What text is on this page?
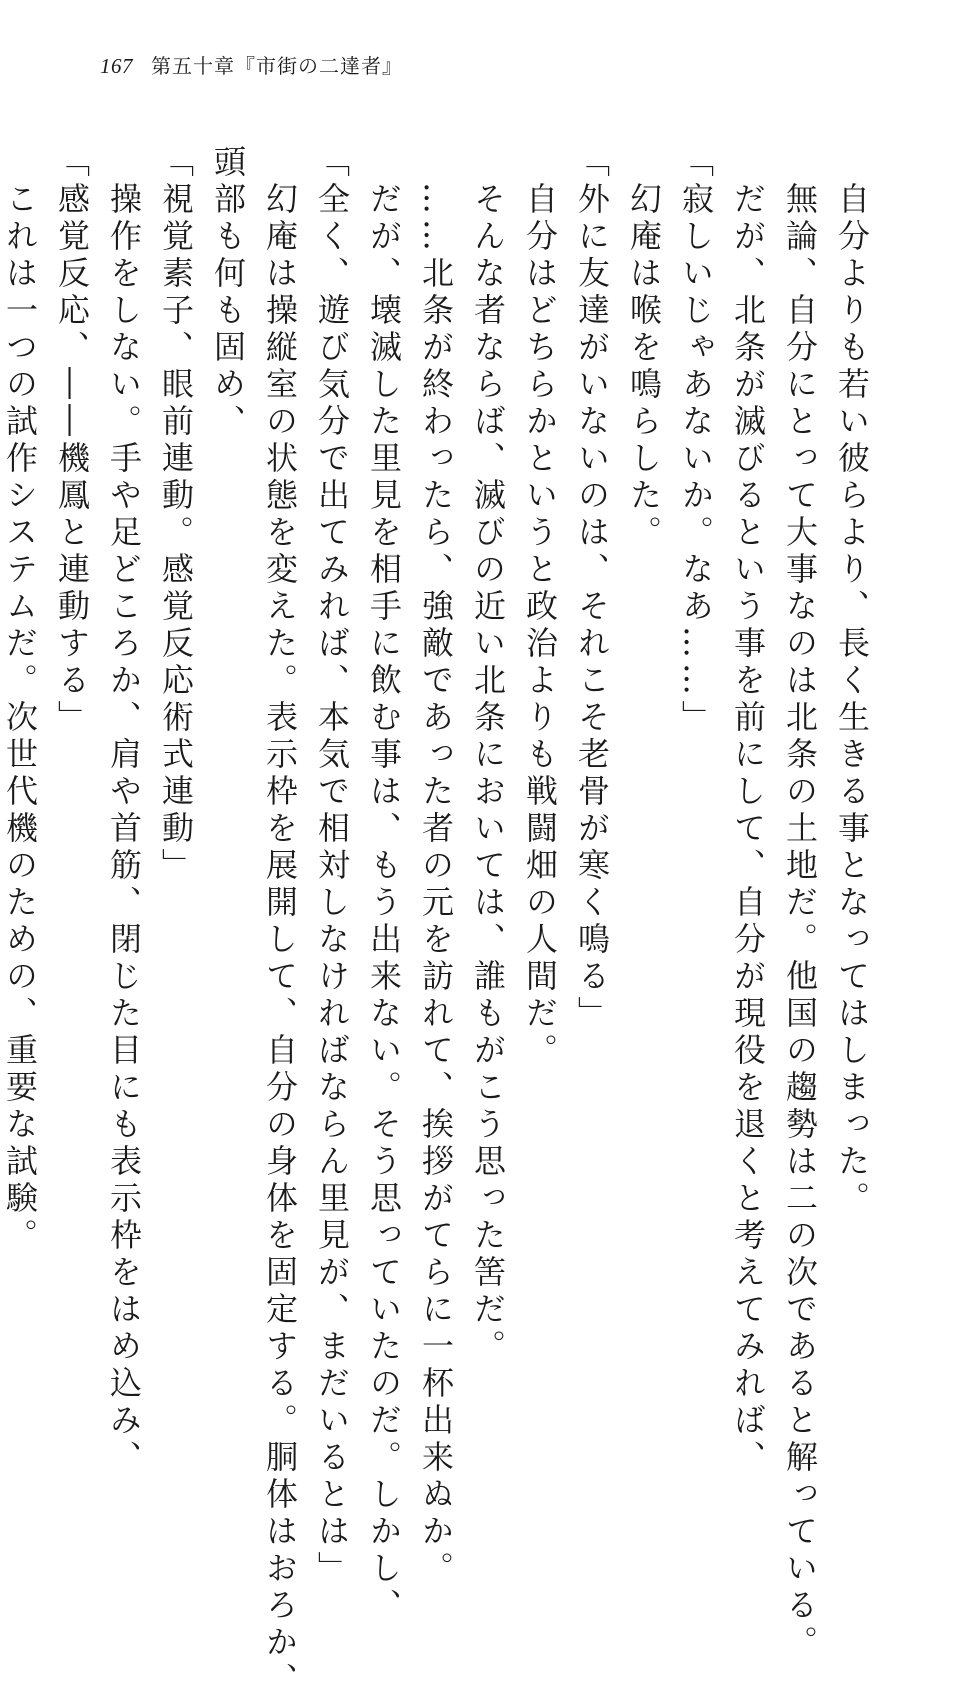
167 第五十章『市街の二達者』
　自分よりも若い彼らより、長く生きる事となってはしまった。
　無論、自分にとって大事なのは北条の土地だ。他国の趨勢は二の次であると解っている。
　だが、北条が滅びるという事を前にして、自分が現役を退くと考えてみれば、
「寂しいじゃあないか。なあ……」
　幻庵は喉を鳴らした。
「外に友達がいないのは、それこそ老骨が寒く鳴る」
　自分はどちらかというと政治よりも戦闘畑の人間だ。
　そんな者ならば、滅びの近い北条においては、誰もがこう思った筈だ。
　……北条が終わったら、強敵であった者の元を訪れて、挨拶がてらに一杯出来ぬか。
　だが、壊滅した里見を相手に飲む事は、もう出来ない。そう思っていたのだ。しかし、
「全く、遊び気分で出てみれば、本気で相対しなければならん里見が、まだいるとは」
　幻庵は操縦室の状態を変えた。表示枠を展開して、自分の身体を固定する。胴体はおろか、
頭部も何も固め、
「視覚素子、眼前連動。感覚反応術式連動」
　操作をしない。手や足どころか、肩や首筋、閉じた目にも表示枠をはめ込み、
「感覚反応、――機鳳と連動する」
　これは一つの試作システムだ。次世代機のための、重要な試験。
